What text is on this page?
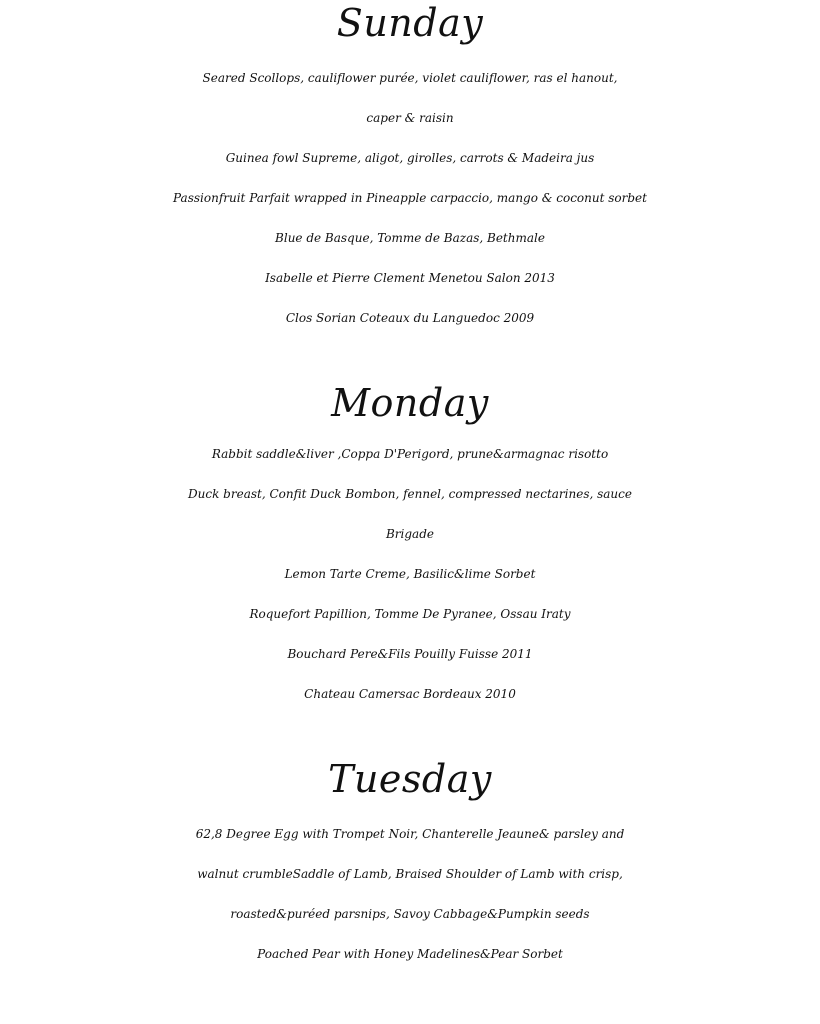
Sunday

Seared Scollops, cauliflower purée, violet cauliflower, ras el hanout,

caper & raisin

Guinea fowl Supreme, aligot, girolles, carrots & Madeira jus

Passionfruit Parfait wrapped in Pineapple carpaccio, mango & coconut sorbet

Blue de Basque, Tomme de Bazas, Bethmale

Isabelle et Pierre Clement Menetou Salon 2013

Clos Sorian Coteaux du Languedoc 2009

Monday

Rabbit saddle&liver ,Coppa D'Perigord, prune&armagnac risotto

Duck breast, Confit Duck Bombon, fennel, compressed nectarines, sauce

Brigade

Lemon Tarte Creme, Basilic&lime Sorbet

Roquefort Papillion, Tomme De Pyranee, Ossau Iraty

Bouchard Pere&Fils Pouilly Fuisse 2011

Chateau Camersac Bordeaux 2010

Tuesday

62,8 Degree Egg with Trompet Noir, Chanterelle Jeaune& parsley and

walnut crumbleSaddle of Lamb, Braised Shoulder of Lamb with crisp,

roasted&puréed parsnips, Savoy Cabbage&Pumpkin seeds

Poached Pear with Honey Madelines&Pear Sorbet
